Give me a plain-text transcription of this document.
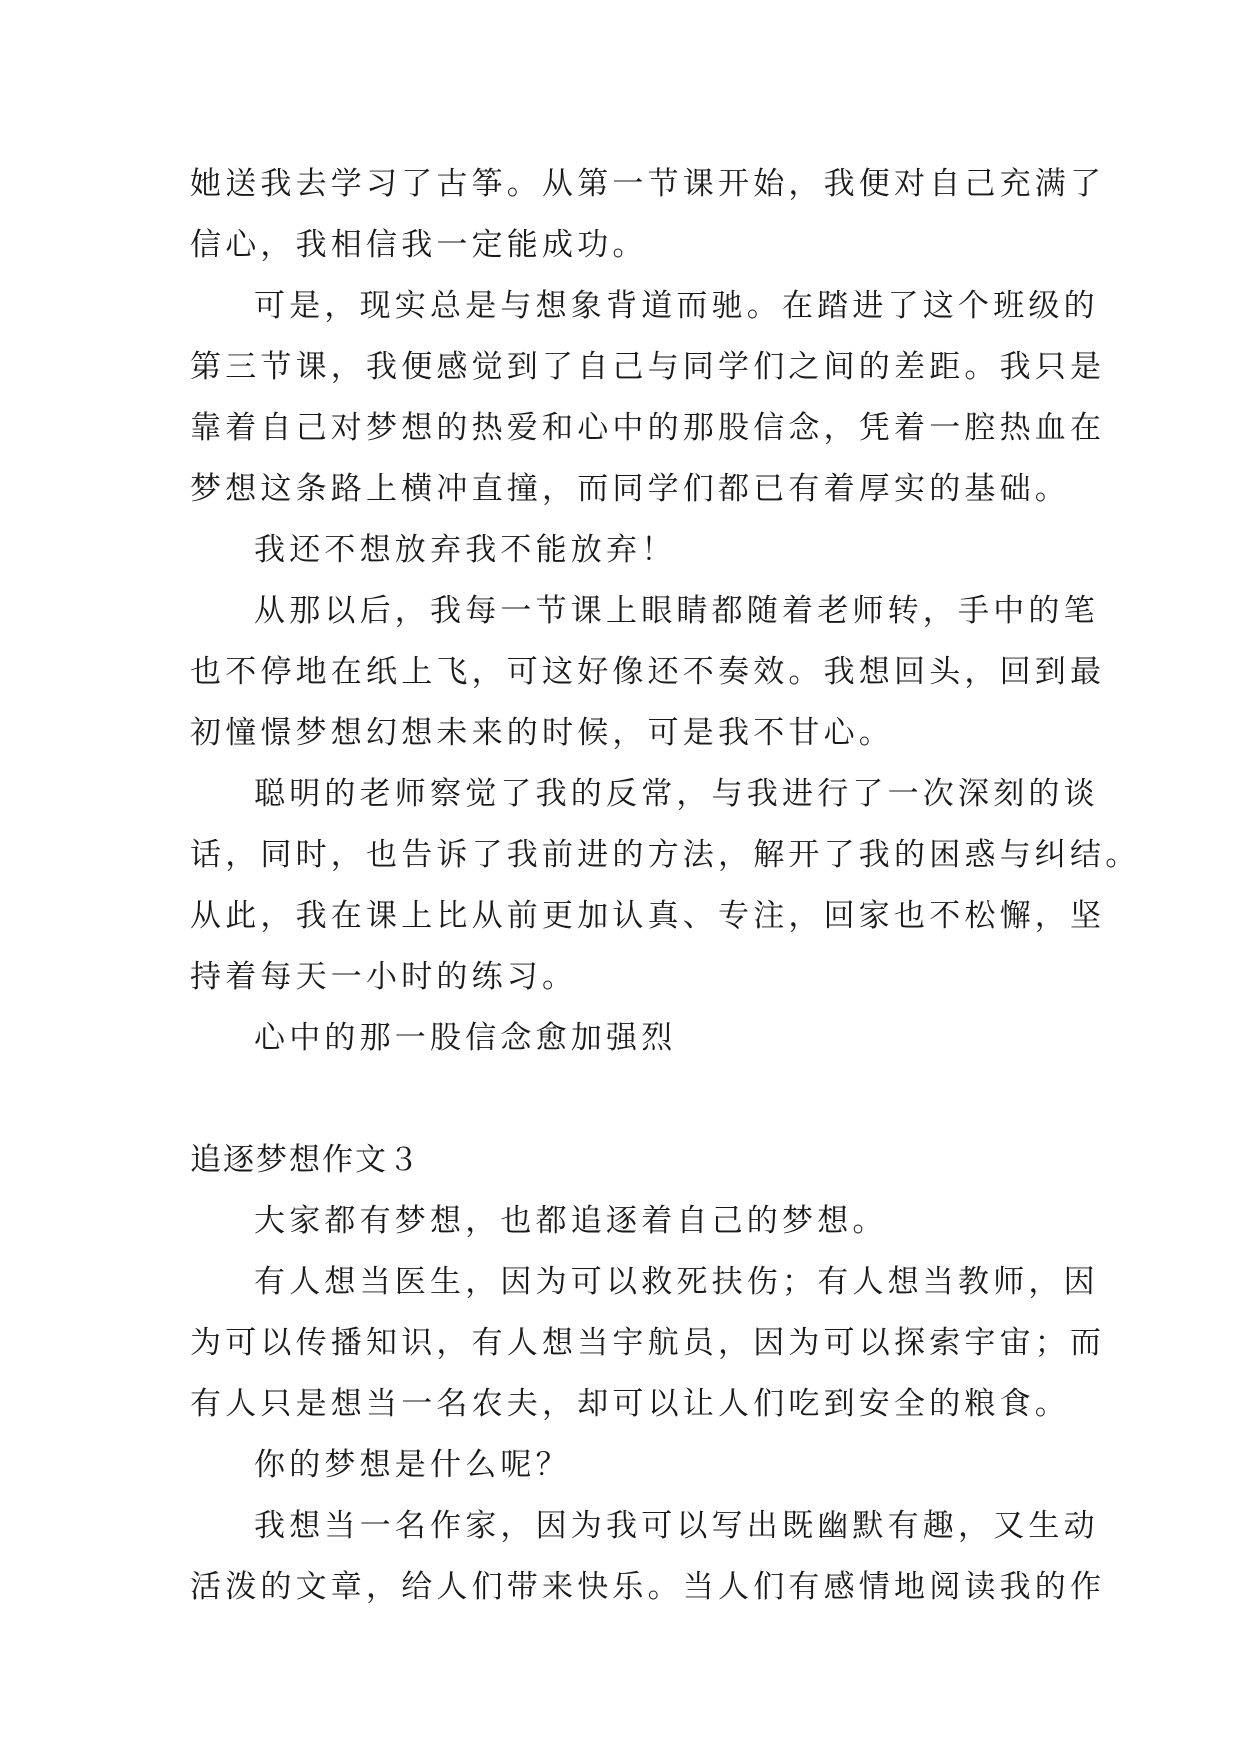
她送我去学习了古筝。从第一节课开始，我便对自己充满了
信心，我相信我一定能成功。
可是，现实总是与想象背道而驰。在踏进了这个班级的
第三节课，我便感觉到了自己与同学们之间的差距。我只是
靠着自己对梦想的热爱和心中的那股信念，凭着一腔热血在
梦想这条路上横冲直撞，而同学们都已有着厚实的基础。
我还不想放弃我不能放弃！
从那以后，我每一节课上眼睛都随着老师转，手中的笔
也不停地在纸上飞，可这好像还不奏效。我想回头，回到最
初憧憬梦想幻想未来的时候，可是我不甘心。
聪明的老师察觉了我的反常，与我进行了一次深刻的谈
话，同时，也告诉了我前进的方法，解开了我的困惑与纠结。
从此，我在课上比从前更加认真、专注，回家也不松懈，坚
持着每天一小时的练习。
心中的那一股信念愈加强烈
追逐梦想作文３
大家都有梦想，也都追逐着自己的梦想。
有人想当医生，因为可以救死扶伤；有人想当教师，因
为可以传播知识，有人想当宇航员，因为可以探索宇宙；而
有人只是想当一名农夫，却可以让人们吃到安全的粮食。
你的梦想是什么呢？
我想当一名作家，因为我可以写出既幽默有趣，又生动
活泼的文章，给人们带来快乐。当人们有感情地阅读我的作
